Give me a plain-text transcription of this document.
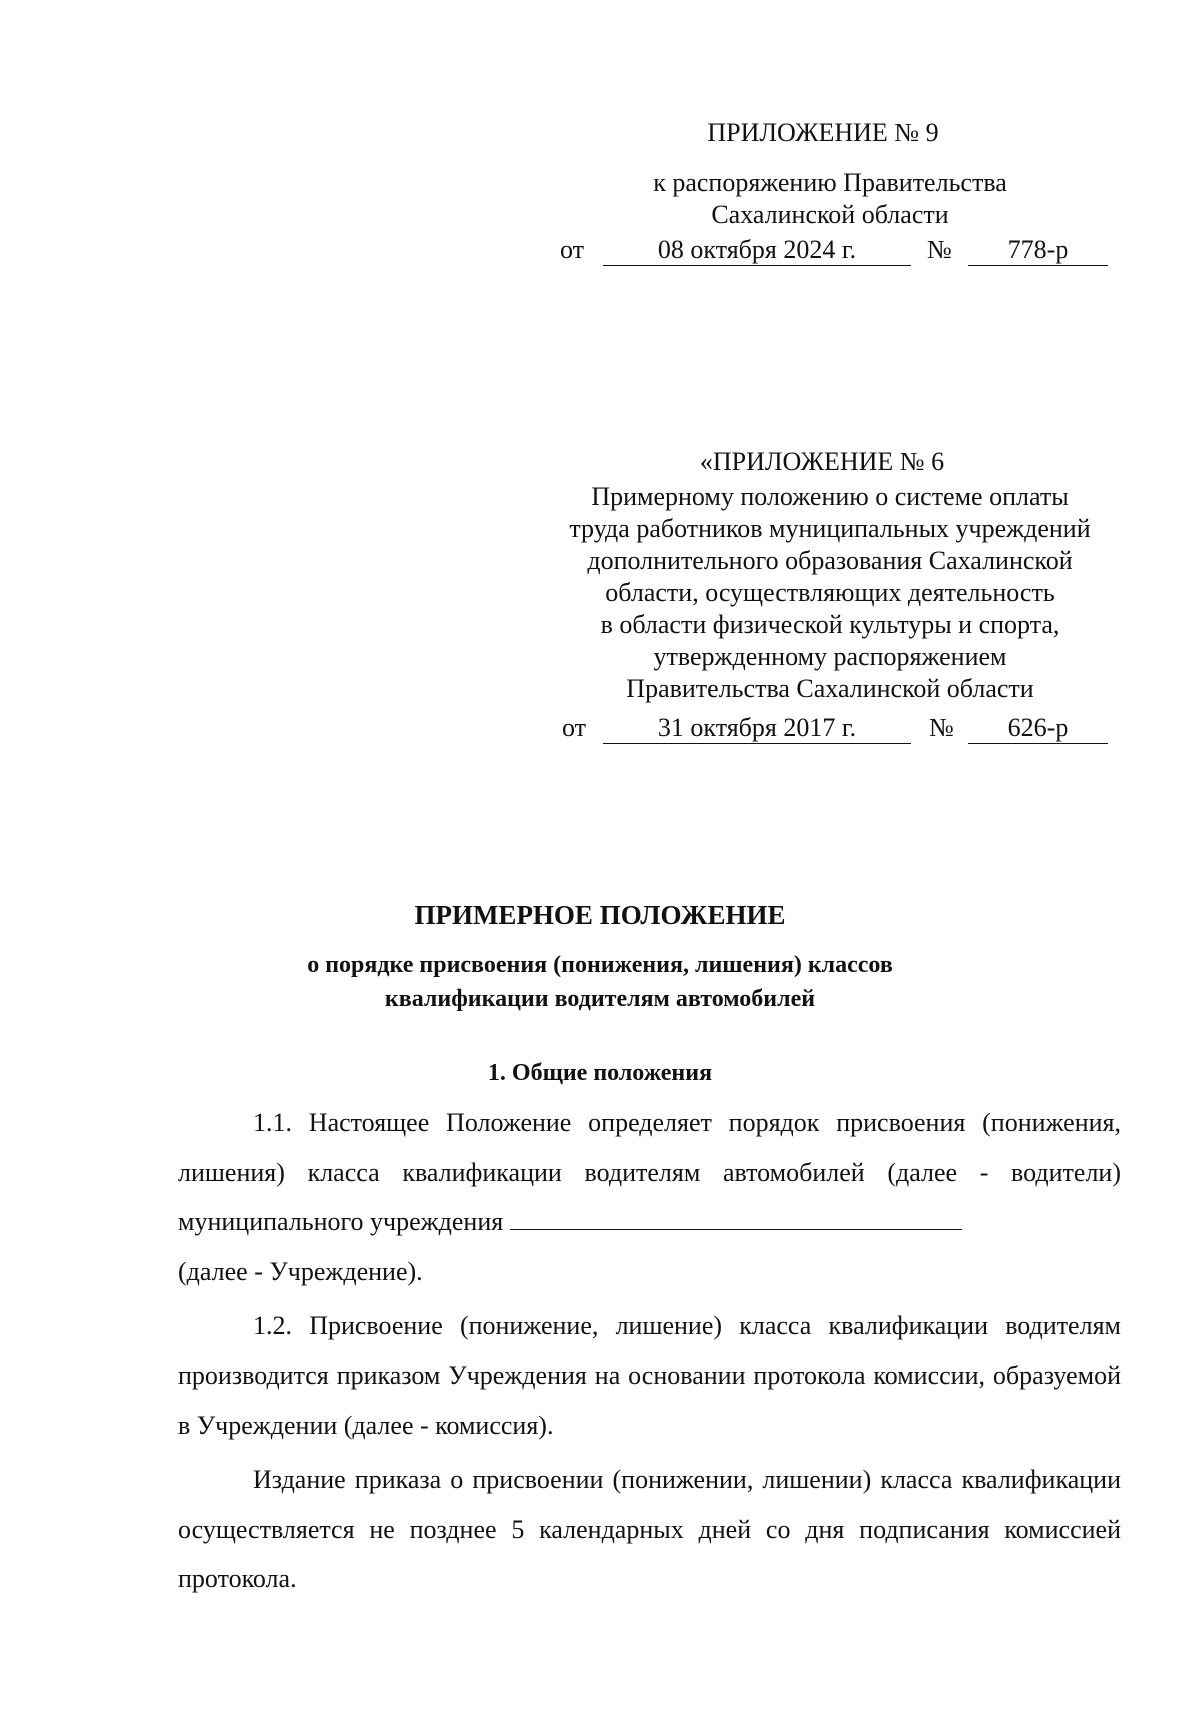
ПРИЛОЖЕНИЕ № 9
к распоряжению Правительства
Сахалинской области
от	08 октября 2024 г.	№	778-р
«ПРИЛОЖЕНИЕ № 6
Примерному положению о системе оплаты
труда работников муниципальных учреждений
дополнительного образования Сахалинской
области, осуществляющих деятельность
в области физической культуры и спорта,
утвержденному распоряжением
Правительства Сахалинской области
от	31 октября 2017 г.	№	626-р
ПРИМЕРНОЕ ПОЛОЖЕНИЕ
о порядке присвоения (понижения, лишения) классов
квалификации водителям автомобилей
1. Общие положения

1.1. Настоящее Положение определяет порядок присвоения (понижения, лишения) класса квалификации водителям автомобилей (далее - водители) муниципального учреждения

(далее - Учреждение).

1.2. Присвоение (понижение, лишение) класса квалификации водителям производится приказом Учреждения на основании протокола комиссии, образуемой в Учреждении (далее - комиссия).

Издание приказа о присвоении (понижении, лишении) класса квалификации осуществляется не позднее 5 календарных дней со дня подписания комиссией протокола.
